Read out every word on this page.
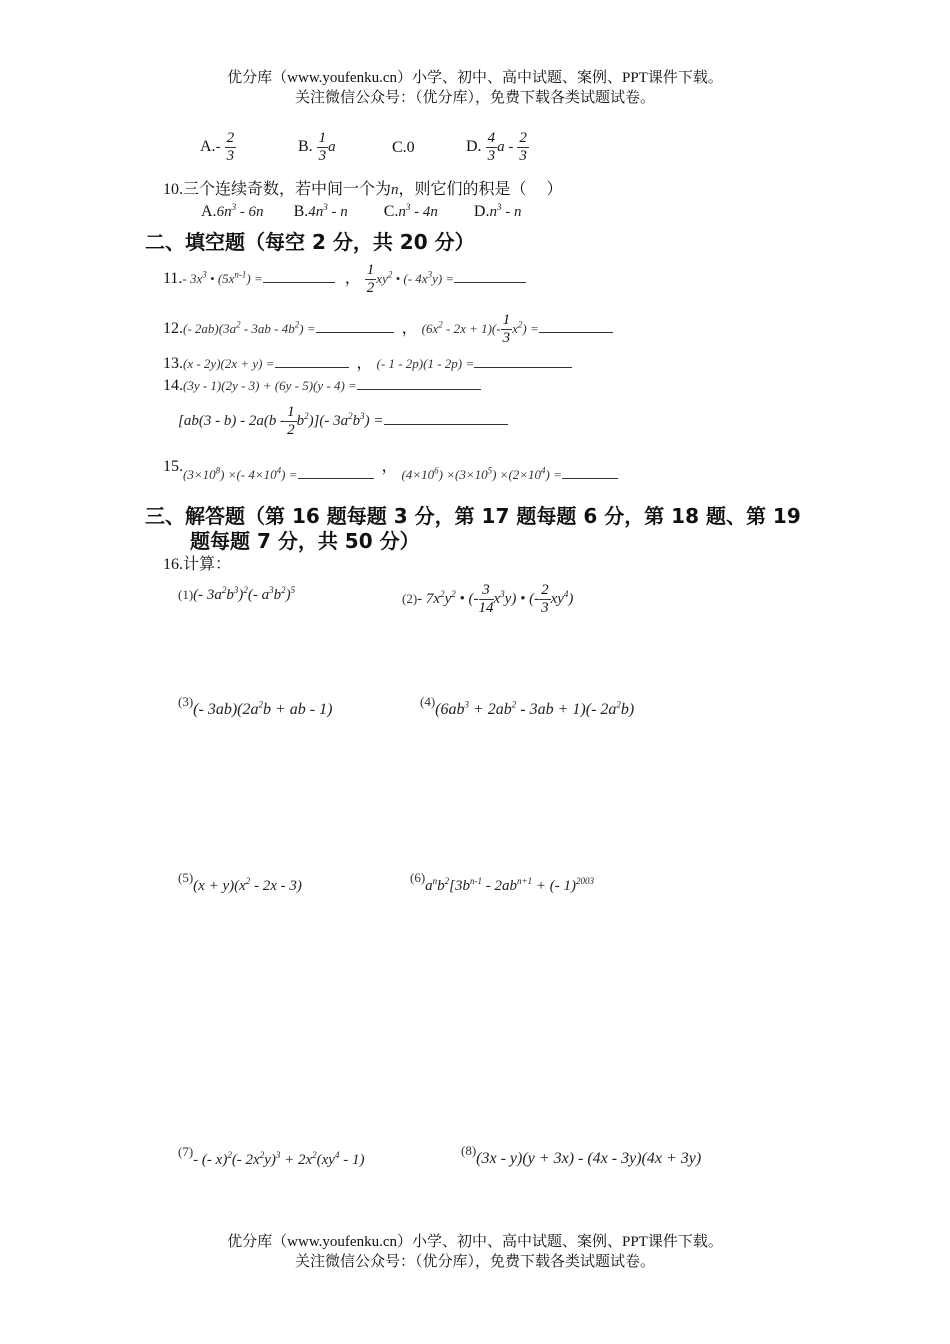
优分库（www.youfenku.cn）小学、初中、高中试题、案例、PPT课件下载。
关注微信公众号：（优分库），免费下载各类试题试卷。
$A.- \frac{2}{3}$	B. $\frac{1}{3}$ a	C.0	D. $\frac{4}{3}$ a - $\frac{2}{3}$
10.三个连续奇数，若中间一个为n，则它们的积是（　 ）
$A.6n^3 - 6n$ $B.4n^3$ - n $C.n^3 - 4n$ $D.n^3$ - n
二、填空题（每空 2 分，共 20 分）
11.- $3x^3$ • $(5x^{n-1})$ =	， $\frac{1}{2} xy^2$ • (- $4x^3y$) =
12.(- $2ab)(3a^2 - 3ab - 4b^2)$ =	， $(6x^2 - 2x + 1)(- \frac{1}{3} x^2)$ =
13.(x - 2y)(2x + y) =	， (- 1 - 2p)(1 - 2p) =
14.(3y - 1)(2y - 3) + (6y - 5)(y - 4) =
$[ab(3 - b) - 2a(b - \frac{1}{2} b^2)](-$ $3a^2b^3$) =
$15._{(3\times 10^8) \times(- 4\times 10^4) =}$	， $_{(4\times 10^6) \times(3\times 10^5) \times(2\times 10^4) =}$
三、解答题（第 16 题每题 3 分，第 17 题每题 6 分，第 18 题、第 19
题每题 7 分，共 50 分）
16.计算：
(1)(- $3a^2b^3)^2(-$ $a^3b^2)^5$
(2)- $7x^2y^2$ • (- $\frac{3}{14} x^3y$) • (- $\frac{2}{3} xy^4$)
$^{(3)}$(- $3ab)(2a^2b$ + ab - 1)	$^{(4)}(6ab^3 + 2ab^2 - 3ab + 1)(-$ $2a^2b$)
$^{(5)}(x + y)(x^2 - 2x - 3)$
$^{(6)}a^nb^2[3b^{n-1} - 2ab^{n+1}$ + (- 1)$^{2003}$
$^{(7)}$- (- x)$^2$(- $2x^2y)^3 + 2x^2(xy^4 - 1)$
$^{(8)}$(3x - y)(y + 3x) - (4x - 3y)(4x + 3y)
优分库（www.youfenku.cn）小学、初中、高中试题、案例、PPT课件下载。
关注微信公众号：（优分库），免费下载各类试题试卷。
